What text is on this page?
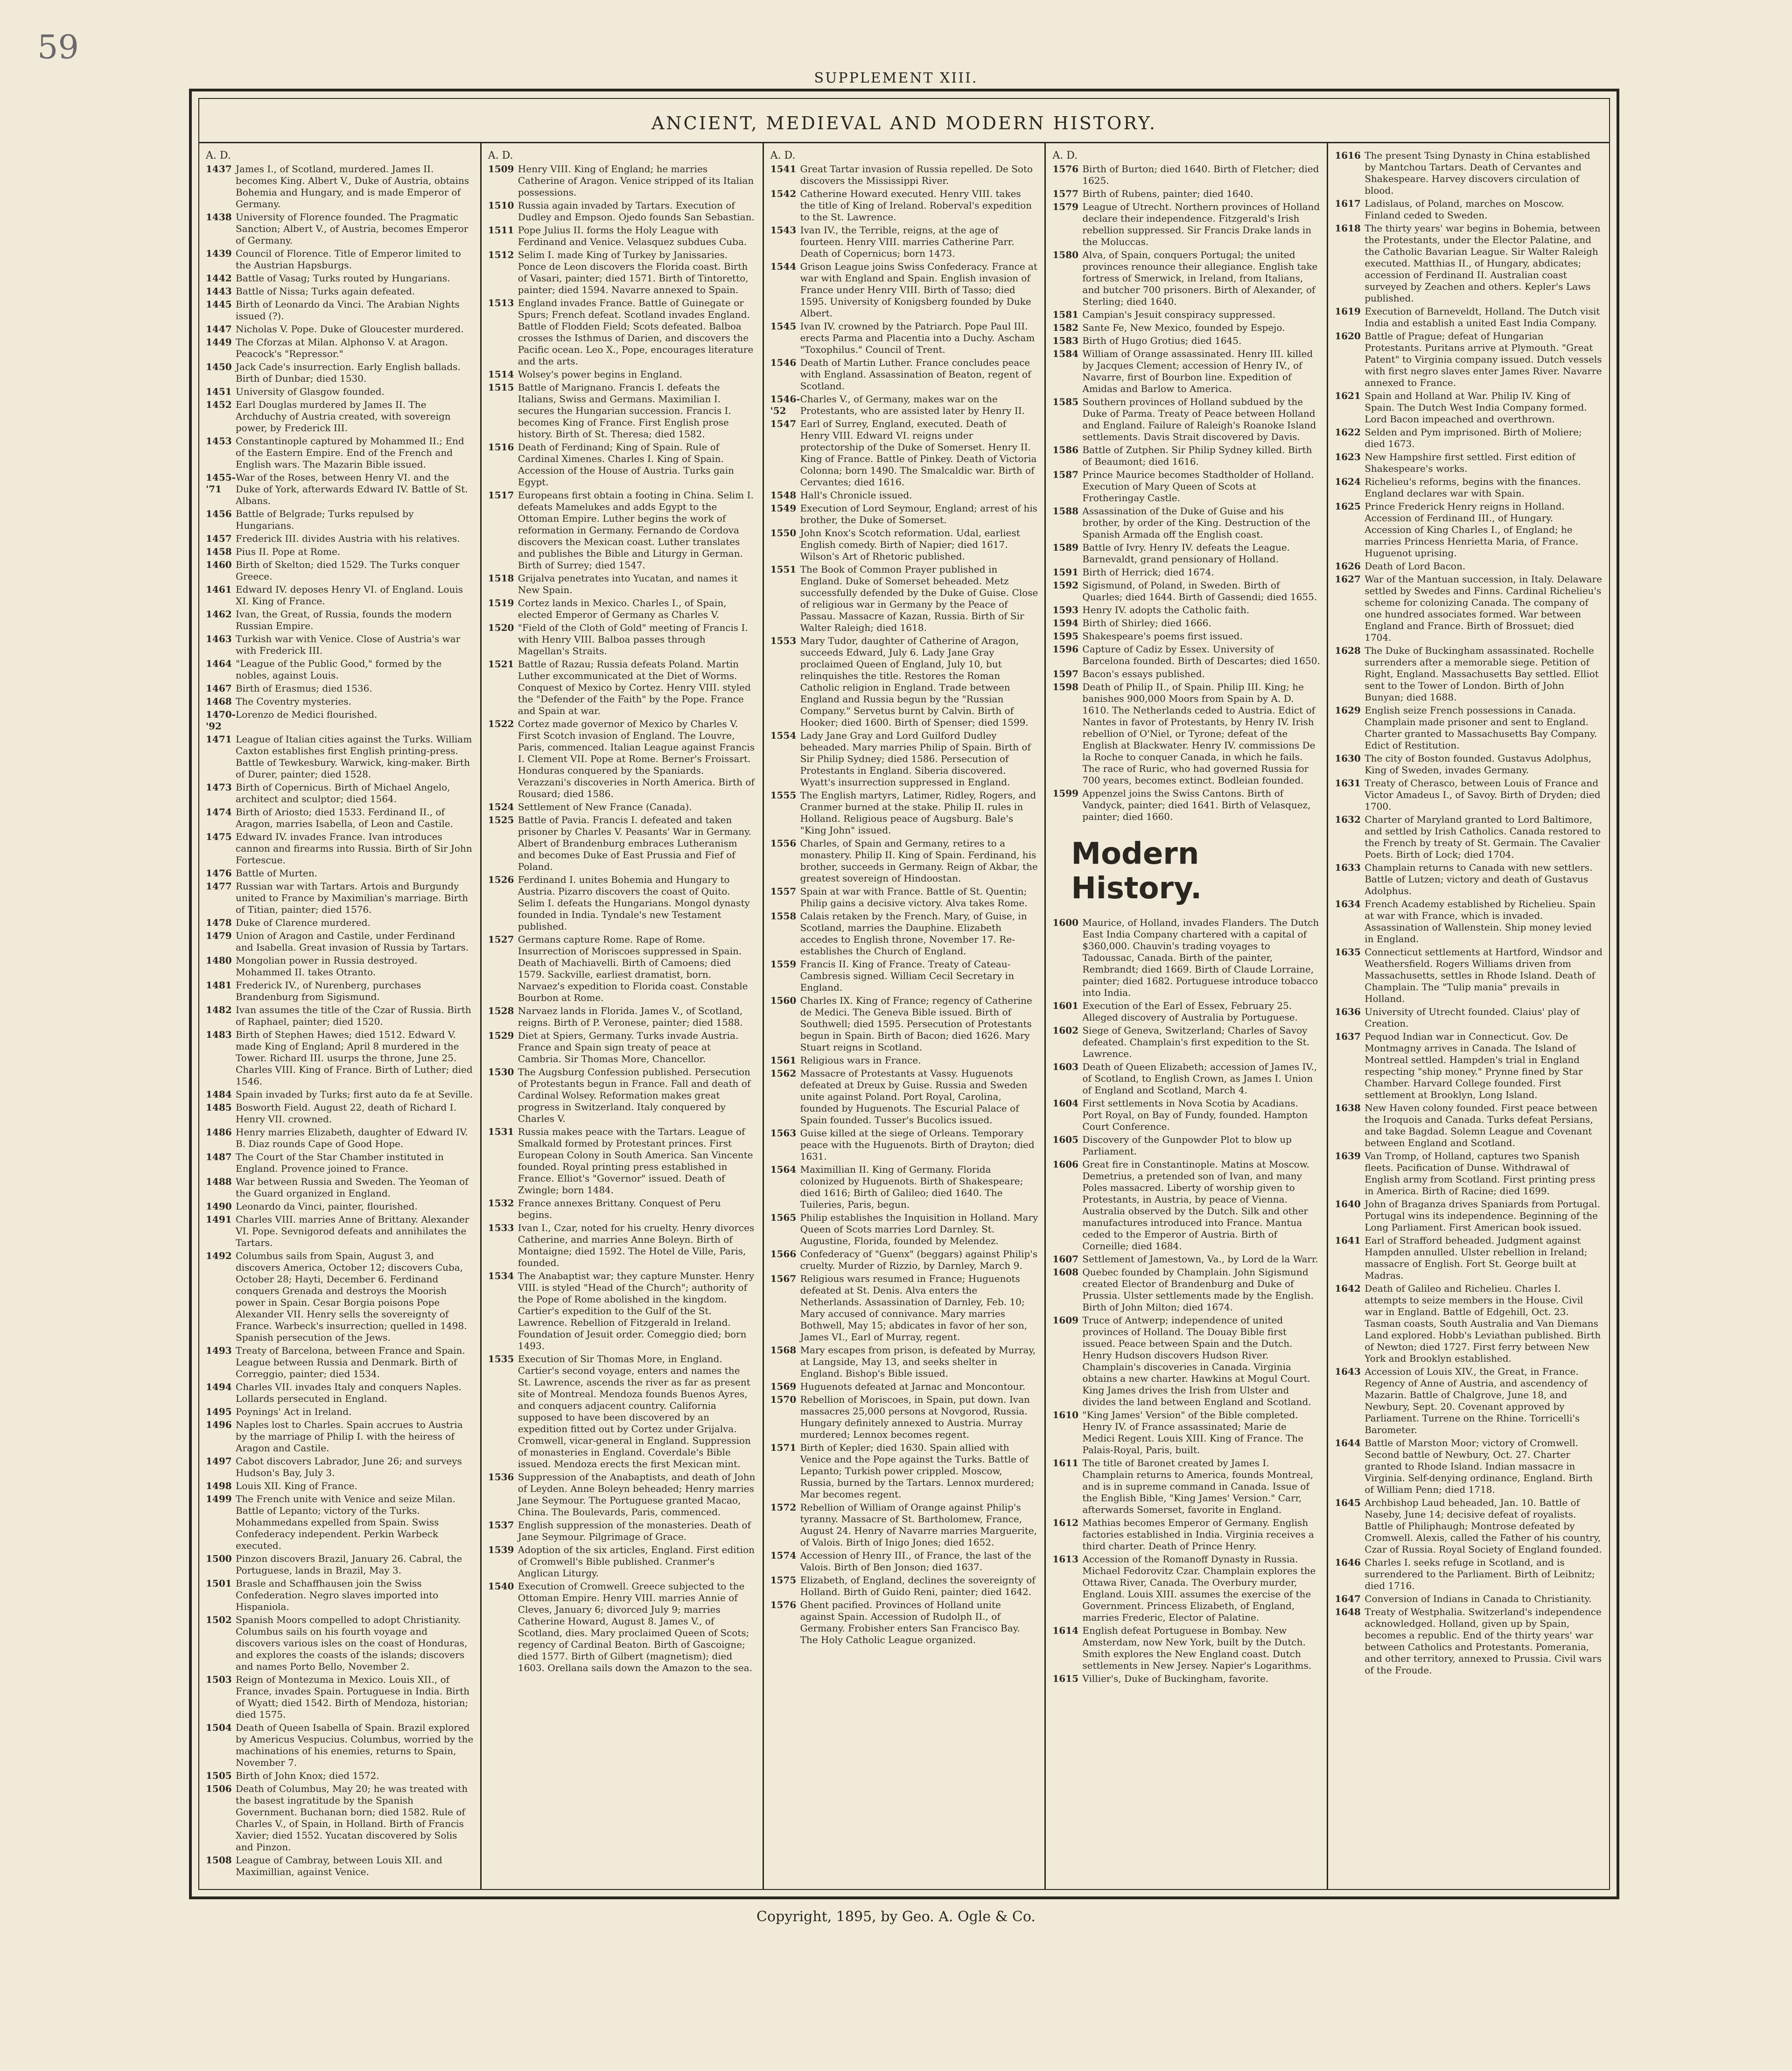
59
SUPPLEMENT XIII.
ANCIENT, MEDIEVAL AND MODERN HISTORY.
A. D.
1437 James I., of Scotland, murdered. James II. becomes King. Albert V., Duke of Austria, obtains Bohemia and Hungary, and is made Emperor of Germany.
1438 University of Florence founded. The Pragmatic Sanction; Albert V., of Austria, becomes Emperor of Germany.
1439 Council of Florence. Title of Emperor limited to the Austrian Hapsburgs.
1442 Battle of Vasag; Turks routed by Hungarians.
1443 Battle of Nissa; Turks again defeated.
1445 Birth of Leonardo da Vinci. The Arabian Nights issued (?).
1447 Nicholas V. Pope. Duke of Gloucester murdered.
1449 The Cforzas at Milan. Alphonso V. at Aragon. Peacock's "Repressor."
1450 Jack Cade's insurrection. Early English ballads. Birth of Dunbar; died 1530.
1451 University of Glasgow founded.
1452 Earl Douglas murdered by James II. The Archduchy of Austria created, with sovereign power, by Frederick III.
1453 Constantinople captured by Mohammed II.; End of the Eastern Empire. End of the French and English wars. The Mazarin Bible issued.
1455-'71
War of the Roses, between Henry VI. and the Duke of York, afterwards Edward IV. Battle of St. Albans.
1456 Battle of Belgrade; Turks repulsed by Hungarians.
1457 Frederick III. divides Austria with his relatives.
1458 Pius II. Pope at Rome.
1460 Birth of Skelton; died 1529. The Turks conquer Greece.
1461 Edward IV. deposes Henry VI. of England. Louis XI. King of France.
1462 Ivan, the Great, of Russia, founds the modern Russian Empire.
1463 Turkish war with Venice. Close of Austria's war with Frederick III.
1464 "League of the Public Good," formed by the nobles, against Louis.
1467 Birth of Erasmus; died 1536.
1468 The Coventry mysteries.
1470-'92
Lorenzo de Medici flourished.
1471 League of Italian cities against the Turks. William Caxton establishes first English printing-press. Battle of Tewkesbury. Warwick, king-maker. Birth of Durer, painter; died 1528.
1473 Birth of Copernicus. Birth of Michael Angelo, architect and sculptor; died 1564.
1474 Birth of Ariosto; died 1533. Ferdinand II., of Aragon, marries Isabella, of Leon and Castile.
1475 Edward IV. invades France. Ivan introduces cannon and firearms into Russia. Birth of Sir John Fortescue.
1476 Battle of Murten.
1477 Russian war with Tartars. Artois and Burgundy united to France by Maximilian's marriage. Birth of Titian, painter; died 1576.
1478 Duke of Clarence murdered.
1479 Union of Aragon and Castile, under Ferdinand and Isabella. Great invasion of Russia by Tartars.
1480 Mongolian power in Russia destroyed. Mohammed II. takes Otranto.
1481 Frederick IV., of Nurenberg, purchases Brandenburg from Sigismund.
1482 Ivan assumes the title of the Czar of Russia. Birth of Raphael, painter; died 1520.
1483 Birth of Stephen Hawes; died 1512. Edward V. made King of England; April 8 murdered in the Tower. Richard III. usurps the throne, June 25. Charles VIII. King of France. Birth of Luther; died 1546.
1484 Spain invaded by Turks; first auto da fe at Seville.
1485 Bosworth Field. August 22, death of Richard I. Henry VII. crowned.
1486 Henry marries Elizabeth, daughter of Edward IV. B. Diaz rounds Cape of Good Hope.
1487 The Court of the Star Chamber instituted in England. Provence joined to France.
1488 War between Russia and Sweden. The Yeoman of the Guard organized in England.
1490 Leonardo da Vinci, painter, flourished.
1491 Charles VIII. marries Anne of Brittany. Alexander VI. Pope. Sevnigorod defeats and annihilates the Tartars.
1492 Columbus sails from Spain, August 3, and discovers America, October 12; discovers Cuba, October 28; Hayti, December 6. Ferdinand conquers Grenada and destroys the Moorish power in Spain. Cesar Borgia poisons Pope Alexander VII. Henry sells the sovereignty of France. Warbeck's insurrection; quelled in 1498. Spanish persecution of the Jews.
1493 Treaty of Barcelona, between France and Spain. League between Russia and Denmark. Birth of Correggio, painter; died 1534.
1494 Charles VII. invades Italy and conquers Naples. Lollards persecuted in England.
1495 Poynings' Act in Ireland.
1496 Naples lost to Charles. Spain accrues to Austria by the marriage of Philip I. with the heiress of Aragon and Castile.
1497 Cabot discovers Labrador, June 26; and surveys Hudson's Bay, July 3.
1498 Louis XII. King of France.
1499 The French unite with Venice and seize Milan. Battle of Lepanto; victory of the Turks. Mohammedans expelled from Spain. Swiss Confederacy independent. Perkin Warbeck executed.
1500 Pinzon discovers Brazil, January 26. Cabral, the Portuguese, lands in Brazil, May 3.
1501 Brasle and Schaffhausen join the Swiss Confederation. Negro slaves imported into Hispaniola.
1502 Spanish Moors compelled to adopt Christianity. Columbus sails on his fourth voyage and discovers various isles on the coast of Honduras, and explores the coasts of the islands; discovers and names Porto Bello, November 2.
1503 Reign of Montezuma in Mexico. Louis XII., of France, invades Spain. Portuguese in India. Birth of Wyatt; died 1542. Birth of Mendoza, historian; died 1575.
1504 Death of Queen Isabella of Spain. Brazil explored by Americus Vespucius. Columbus, worried by the machinations of his enemies, returns to Spain, November 7.
1505 Birth of John Knox; died 1572.
1506 Death of Columbus, May 20; he was treated with the basest ingratitude by the Spanish Government. Buchanan born; died 1582. Rule of Charles V., of Spain, in Holland. Birth of Francis Xavier; died 1552. Yucatan discovered by Solis and Pinzon.
1508 League of Cambray, between Louis XII. and Maximillian, against Venice.
A. D.
1509 Henry VIII. King of England; he marries Catherine of Aragon. Venice stripped of its Italian possessions.
1510 Russia again invaded by Tartars. Execution of Dudley and Empson. Ojedo founds San Sebastian.
1511 Pope Julius II. forms the Holy League with Ferdinand and Venice. Velasquez subdues Cuba.
1512 Selim I. made King of Turkey by Janissaries. Ponce de Leon discovers the Florida coast. Birth of Vasari, painter; died 1571. Birth of Tintoretto, painter; died 1594. Navarre annexed to Spain.
1513 England invades France. Battle of Guinegate or Spurs; French defeat. Scotland invades England. Battle of Flodden Field; Scots defeated. Balboa crosses the Isthmus of Darien, and discovers the Pacific ocean. Leo X., Pope, encourages literature and the arts.
1514 Wolsey's power begins in England.
1515 Battle of Marignano. Francis I. defeats the Italians, Swiss and Germans. Maximilian I. secures the Hungarian succession. Francis I. becomes King of France. First English prose history. Birth of St. Theresa; died 1582.
1516 Death of Ferdinand; King of Spain. Rule of Cardinal Ximenes. Charles I. King of Spain. Accession of the House of Austria. Turks gain Egypt.
1517 Europeans first obtain a footing in China. Selim I. defeats Mamelukes and adds Egypt to the Ottoman Empire. Luther begins the work of reformation in Germany. Fernando de Cordova discovers the Mexican coast. Luther translates and publishes the Bible and Liturgy in German. Birth of Surrey; died 1547.
1518 Grijalva penetrates into Yucatan, and names it New Spain.
1519 Cortez lands in Mexico. Charles I., of Spain, elected Emperor of Germany as Charles V.
1520 "Field of the Cloth of Gold" meeting of Francis I. with Henry VIII. Balboa passes through Magellan's Straits.
1521 Battle of Razau; Russia defeats Poland. Martin Luther excommunicated at the Diet of Worms. Conquest of Mexico by Cortez. Henry VIII. styled the "Defender of the Faith" by the Pope. France and Spain at war.
1522 Cortez made governor of Mexico by Charles V. First Scotch invasion of England. The Louvre, Paris, commenced. Italian League against Francis I. Clement VII. Pope at Rome. Berner's Froissart. Honduras conquered by the Spaniards. Verazzani's discoveries in North America. Birth of Rousard; died 1586.
1524 Settlement of New France (Canada).
1525 Battle of Pavia. Francis I. defeated and taken prisoner by Charles V. Peasants' War in Germany. Albert of Brandenburg embraces Lutheranism and becomes Duke of East Prussia and Fief of Poland.
1526 Ferdinand I. unites Bohemia and Hungary to Austria. Pizarro discovers the coast of Quito. Selim I. defeats the Hungarians. Mongol dynasty founded in India. Tyndale's new Testament published.
1527 Germans capture Rome. Rape of Rome. Insurrection of Moriscoes suppressed in Spain. Death of Machiavelli. Birth of Camoens; died 1579. Sackville, earliest dramatist, born. Narvaez's expedition to Florida coast. Constable Bourbon at Rome.
1528 Narvaez lands in Florida. James V., of Scotland, reigns. Birth of P. Veronese, painter; died 1588.
1529 Diet at Spiers, Germany. Turks invade Austria. France and Spain sign treaty of peace at Cambria. Sir Thomas More, Chancellor.
1530 The Augsburg Confession published. Persecution of Protestants begun in France. Fall and death of Cardinal Wolsey. Reformation makes great progress in Switzerland. Italy conquered by Charles V.
1531 Russia makes peace with the Tartars. League of Smalkald formed by Protestant princes. First European Colony in South America. San Vincente founded. Royal printing press established in France. Elliot's "Governor" issued. Death of Zwingle; born 1484.
1532 France annexes Brittany. Conquest of Peru begins.
1533 Ivan I., Czar, noted for his cruelty. Henry divorces Catherine, and marries Anne Boleyn. Birth of Montaigne; died 1592. The Hotel de Ville, Paris, founded.
1534 The Anabaptist war; they capture Munster. Henry VIII. is styled "Head of the Church"; authority of the Pope of Rome abolished in the kingdom. Cartier's expedition to the Gulf of the St. Lawrence. Rebellion of Fitzgerald in Ireland. Foundation of Jesuit order. Comeggio died; born 1493.
1535 Execution of Sir Thomas More, in England. Cartier's second voyage, enters and names the St. Lawrence, ascends the river as far as present site of Montreal. Mendoza founds Buenos Ayres, and conquers adjacent country. California supposed to have been discovered by an expedition fitted out by Cortez under Grijalva. Cromwell, vicar-general in England. Suppression of monasteries in England. Coverdale's Bible issued. Mendoza erects the first Mexican mint.
1536 Suppression of the Anabaptists, and death of John of Leyden. Anne Boleyn beheaded; Henry marries Jane Seymour. The Portuguese granted Macao, China. The Boulevards, Paris, commenced.
1537 English suppression of the monasteries. Death of Jane Seymour. Pilgrimage of Grace.
1539 Adoption of the six articles, England. First edition of Cromwell's Bible published. Cranmer's Anglican Liturgy.
1540 Execution of Cromwell. Greece subjected to the Ottoman Empire. Henry VIII. marries Annie of Cleves, January 6; divorced July 9; marries Catherine Howard, August 8. James V., of Scotland, dies. Mary proclaimed Queen of Scots; regency of Cardinal Beaton. Birth of Gascoigne; died 1577. Birth of Gilbert (magnetism); died 1603. Orellana sails down the Amazon to the sea.
A. D.
1541 Great Tartar invasion of Russia repelled. De Soto discovers the Mississippi River.
1542 Catherine Howard executed. Henry VIII. takes the title of King of Ireland. Roberval's expedition to the St. Lawrence.
1543 Ivan IV., the Terrible, reigns, at the age of fourteen. Henry VIII. marries Catherine Parr. Death of Copernicus; born 1473.
1544 Grison League joins Swiss Confederacy. France at war with England and Spain. English invasion of France under Henry VIII. Birth of Tasso; died 1595. University of Konigsberg founded by Duke Albert.
1545 Ivan IV. crowned by the Patriarch. Pope Paul III. erects Parma and Placentia into a Duchy. Ascham "Toxophilus." Council of Trent.
1546 Death of Martin Luther. France concludes peace with England. Assassination of Beaton, regent of Scotland.
1546-'52
Charles V., of Germany, makes war on the Protestants, who are assisted later by Henry II.
1547 Earl of Surrey, England, executed. Death of Henry VIII. Edward VI. reigns under protectorship of the Duke of Somerset. Henry II. King of France. Battle of Pinkey. Death of Victoria Colonna; born 1490. The Smalcaldic war. Birth of Cervantes; died 1616.
1548 Hall's Chronicle issued.
1549 Execution of Lord Seymour, England; arrest of his brother, the Duke of Somerset.
1550 John Knox's Scotch reformation. Udal, earliest English comedy. Birth of Napier; died 1617. Wilson's Art of Rhetoric published.
1551 The Book of Common Prayer published in England. Duke of Somerset beheaded. Metz successfully defended by the Duke of Guise. Close of religious war in Germany by the Peace of Passau. Massacre of Kazan, Russia. Birth of Sir Walter Raleigh; died 1618.
1553 Mary Tudor, daughter of Catherine of Aragon, succeeds Edward, July 6. Lady Jane Gray proclaimed Queen of England, July 10, but relinquishes the title. Restores the Roman Catholic religion in England. Trade between England and Russia begun by the "Russian Company." Servetus burnt by Calvin. Birth of Hooker; died 1600. Birth of Spenser; died 1599.
1554 Lady Jane Gray and Lord Guilford Dudley beheaded. Mary marries Philip of Spain. Birth of Sir Philip Sydney; died 1586. Persecution of Protestants in England. Siberia discovered. Wyatt's insurrection suppressed in England.
1555 The English martyrs, Latimer, Ridley, Rogers, and Cranmer burned at the stake. Philip II. rules in Holland. Religious peace of Augsburg. Bale's "King John" issued.
1556 Charles, of Spain and Germany, retires to a monastery. Philip II. King of Spain. Ferdinand, his brother, succeeds in Germany. Reign of Akbar, the greatest sovereign of Hindoostan.
1557 Spain at war with France. Battle of St. Quentin; Philip gains a decisive victory. Alva takes Rome.
1558 Calais retaken by the French. Mary, of Guise, in Scotland, marries the Dauphine. Elizabeth accedes to English throne, November 17. Re-establishes the Church of England.
1559 Francis II. King of France. Treaty of Cateau-Cambresis signed. William Cecil Secretary in England.
1560 Charles IX. King of France; regency of Catherine de Medici. The Geneva Bible issued. Birth of Southwell; died 1595. Persecution of Protestants begun in Spain. Birth of Bacon; died 1626. Mary Stuart reigns in Scotland.
1561 Religious wars in France.
1562 Massacre of Protestants at Vassy. Huguenots defeated at Dreux by Guise. Russia and Sweden unite against Poland. Port Royal, Carolina, founded by Huguenots. The Escurial Palace of Spain founded. Tusser's Bucolics issued.
1563 Guise killed at the siege of Orleans. Temporary peace with the Huguenots. Birth of Drayton; died 1631.
1564 Maximillian II. King of Germany. Florida colonized by Huguenots. Birth of Shakespeare; died 1616; Birth of Galileo; died 1640. The Tuileries, Paris, begun.
1565 Philip establishes the Inquisition in Holland. Mary Queen of Scots marries Lord Darnley. St. Augustine, Florida, founded by Melendez.
1566 Confederacy of "Guenx" (beggars) against Philip's cruelty. Murder of Rizzio, by Darnley, March 9.
1567 Religious wars resumed in France; Huguenots defeated at St. Denis. Alva enters the Netherlands. Assassination of Darnley, Feb. 10; Mary accused of connivance. Mary marries Bothwell, May 15; abdicates in favor of her son, James VI., Earl of Murray, regent.
1568 Mary escapes from prison, is defeated by Murray, at Langside, May 13, and seeks shelter in England. Bishop's Bible issued.
1569 Huguenots defeated at Jarnac and Moncontour.
1570 Rebellion of Moriscoes, in Spain, put down. Ivan massacres 25,000 persons at Novgorod, Russia. Hungary definitely annexed to Austria. Murray murdered; Lennox becomes regent.
1571 Birth of Kepler; died 1630. Spain allied with Venice and the Pope against the Turks. Battle of Lepanto; Turkish power crippled. Moscow, Russia, burned by the Tartars. Lennox murdered; Mar becomes regent.
1572 Rebellion of William of Orange against Philip's tyranny. Massacre of St. Bartholomew, France, August 24. Henry of Navarre marries Marguerite, of Valois. Birth of Inigo Jones; died 1652.
1574 Accession of Henry III., of France, the last of the Valois. Birth of Ben Jonson; died 1637.
1575 Elizabeth, of England, declines the sovereignty of Holland. Birth of Guido Reni, painter; died 1642.
1576 Ghent pacified. Provinces of Holland unite against Spain. Accession of Rudolph II., of Germany. Frobisher enters San Francisco Bay. The Holy Catholic League organized.
A. D.
1576 Birth of Burton; died 1640. Birth of Fletcher; died 1625.
1577 Birth of Rubens, painter; died 1640.
1579 League of Utrecht. Northern provinces of Holland declare their independence. Fitzgerald's Irish rebellion suppressed. Sir Francis Drake lands in the Moluccas.
1580 Alva, of Spain, conquers Portugal; the united provinces renounce their allegiance. English take fortress of Smerwick, in Ireland, from Italians, and butcher 700 prisoners. Birth of Alexander, of Sterling; died 1640.
1581 Campian's Jesuit conspiracy suppressed.
1582 Sante Fe, New Mexico, founded by Espejo.
1583 Birth of Hugo Grotius; died 1645.
1584 William of Orange assassinated. Henry III. killed by Jacques Clement; accession of Henry IV., of Navarre, first of Bourbon line. Expedition of Amidas and Barlow to America.
1585 Southern provinces of Holland subdued by the Duke of Parma. Treaty of Peace between Holland and England. Failure of Raleigh's Roanoke Island settlements. Davis Strait discovered by Davis.
1586 Battle of Zutphen. Sir Philip Sydney killed. Birth of Beaumont; died 1616.
1587 Prince Maurice becomes Stadtholder of Holland. Execution of Mary Queen of Scots at Frotheringay Castle.
1588 Assassination of the Duke of Guise and his brother, by order of the King. Destruction of the Spanish Armada off the English coast.
1589 Battle of Ivry. Henry IV. defeats the League. Barnevaldt, grand pensionary of Holland.
1591 Birth of Herrick; died 1674.
1592 Sigismund, of Poland, in Sweden. Birth of Quarles; died 1644. Birth of Gassendi; died 1655.
1593 Henry IV. adopts the Catholic faith.
1594 Birth of Shirley; died 1666.
1595 Shakespeare's poems first issued.
1596 Capture of Cadiz by Essex. University of Barcelona founded. Birth of Descartes; died 1650.
1597 Bacon's essays published.
1598 Death of Philip II., of Spain. Philip III. King; he banishes 900,000 Moors from Spain by A. D. 1610. The Netherlands ceded to Austria. Edict of Nantes in favor of Protestants, by Henry IV. Irish rebellion of O'Niel, or Tyrone; defeat of the English at Blackwater. Henry IV. commissions De la Roche to conquer Canada, in which he fails. The race of Ruric, who had governed Russia for 700 years, becomes extinct. Bodleian founded.
1599 Appenzel joins the Swiss Cantons. Birth of Vandyck, painter; died 1641. Birth of Velasquez, painter; died 1660.
Modern History.
1600 Maurice, of Holland, invades Flanders. The Dutch East India Company chartered with a capital of $360,000. Chauvin's trading voyages to Tadoussac, Canada. Birth of the painter, Rembrandt; died 1669. Birth of Claude Lorraine, painter; died 1682. Portuguese introduce tobacco into India.
1601 Execution of the Earl of Essex, February 25. Alleged discovery of Australia by Portuguese.
1602 Siege of Geneva, Switzerland; Charles of Savoy defeated. Champlain's first expedition to the St. Lawrence.
1603 Death of Queen Elizabeth; accession of James IV., of Scotland, to English Crown, as James I. Union of England and Scotland, March 4.
1604 First settlements in Nova Scotia by Acadians. Port Royal, on Bay of Fundy, founded. Hampton Court Conference.
1605 Discovery of the Gunpowder Plot to blow up Parliament.
1606 Great fire in Constantinople. Matins at Moscow. Demetrius, a pretended son of Ivan, and many Poles massacred. Liberty of worship given to Protestants, in Austria, by peace of Vienna. Australia observed by the Dutch. Silk and other manufactures introduced into France. Mantua ceded to the Emperor of Austria. Birth of Corneille; died 1684.
1607 Settlement of Jamestown, Va., by Lord de la Warr.
1608 Quebec founded by Champlain. John Sigismund created Elector of Brandenburg and Duke of Prussia. Ulster settlements made by the English. Birth of John Milton; died 1674.
1609 Truce of Antwerp; independence of united provinces of Holland. The Douay Bible first issued. Peace between Spain and the Dutch. Henry Hudson discovers Hudson River. Champlain's discoveries in Canada. Virginia obtains a new charter. Hawkins at Mogul Court. King James drives the Irish from Ulster and divides the land between England and Scotland.
1610 "King James' Version" of the Bible completed. Henry IV. of France assassinated; Marie de Medici Regent. Louis XIII. King of France. The Palais-Royal, Paris, built.
1611 The title of Baronet created by James I. Champlain returns to America, founds Montreal, and is in supreme command in Canada. Issue of the English Bible, "King James' Version." Carr, afterwards Somerset, favorite in England.
1612 Mathias becomes Emperor of Germany. English factories established in India. Virginia receives a third charter. Death of Prince Henry.
1613 Accession of the Romanoff Dynasty in Russia. Michael Fedorovitz Czar. Champlain explores the Ottawa River, Canada. The Overbury murder, England. Louis XIII. assumes the exercise of the Government. Princess Elizabeth, of England, marries Frederic, Elector of Palatine.
1614 English defeat Portuguese in Bombay. New Amsterdam, now New York, built by the Dutch. Smith explores the New England coast. Dutch settlements in New Jersey. Napier's Logarithms.
1615 Villier's, Duke of Buckingham, favorite.
1616 The present Tsing Dynasty in China established by Mantchou Tartars. Death of Cervantes and Shakespeare. Harvey discovers circulation of blood.
1617 Ladislaus, of Poland, marches on Moscow. Finland ceded to Sweden.
1618 The thirty years' war begins in Bohemia, between the Protestants, under the Elector Palatine, and the Catholic Bavarian League. Sir Walter Raleigh executed. Matthias II., of Hungary, abdicates; accession of Ferdinand II. Australian coast surveyed by Zeachen and others. Kepler's Laws published.
1619 Execution of Barneveldt, Holland. The Dutch visit India and establish a united East India Company.
1620 Battle of Prague; defeat of Hungarian Protestants. Puritans arrive at Plymouth. "Great Patent" to Virginia company issued. Dutch vessels with first negro slaves enter James River. Navarre annexed to France.
1621 Spain and Holland at War. Philip IV. King of Spain. The Dutch West India Company formed. Lord Bacon impeached and overthrown.
1622 Selden and Pym imprisoned. Birth of Moliere; died 1673.
1623 New Hampshire first settled. First edition of Shakespeare's works.
1624 Richelieu's reforms, begins with the finances. England declares war with Spain.
1625 Prince Frederick Henry reigns in Holland. Accession of Ferdinand III., of Hungary. Accession of King Charles I., of England; he marries Princess Henrietta Maria, of France. Huguenot uprising.
1626 Death of Lord Bacon.
1627 War of the Mantuan succession, in Italy. Delaware settled by Swedes and Finns. Cardinal Richelieu's scheme for colonizing Canada. The company of one hundred associates formed. War between England and France. Birth of Brossuet; died 1704.
1628 The Duke of Buckingham assassinated. Rochelle surrenders after a memorable siege. Petition of Right, England. Massachusetts Bay settled. Elliot sent to the Tower of London. Birth of John Bunyan; died 1688.
1629 English seize French possessions in Canada. Champlain made prisoner and sent to England. Charter granted to Massachusetts Bay Company. Edict of Restitution.
1630 The city of Boston founded. Gustavus Adolphus, King of Sweden, invades Germany.
1631 Treaty of Cherasco, between Louis of France and Victor Amadeus I., of Savoy. Birth of Dryden; died 1700.
1632 Charter of Maryland granted to Lord Baltimore, and settled by Irish Catholics. Canada restored to the French by treaty of St. Germain. The Cavalier Poets. Birth of Lock; died 1704.
1633 Champlain returns to Canada with new settlers. Battle of Lutzen; victory and death of Gustavus Adolphus.
1634 French Academy established by Richelieu. Spain at war with France, which is invaded. Assassination of Wallenstein. Ship money levied in England.
1635 Connecticut settlements at Hartford, Windsor and Weathersfield. Rogers Williams driven from Massachusetts, settles in Rhode Island. Death of Champlain. The "Tulip mania" prevails in Holland.
1636 University of Utrecht founded. Claius' play of Creation.
1637 Pequod Indian war in Connecticut. Gov. De Montmagny arrives in Canada. The Island of Montreal settled. Hampden's trial in England respecting "ship money." Prynne fined by Star Chamber. Harvard College founded. First settlement at Brooklyn, Long Island.
1638 New Haven colony founded. First peace between the Iroquois and Canada. Turks defeat Persians, and take Bagdad. Solemn League and Covenant between England and Scotland.
1639 Van Tromp, of Holland, captures two Spanish fleets. Pacification of Dunse. Withdrawal of English army from Scotland. First printing press in America. Birth of Racine; died 1699.
1640 John of Braganza drives Spaniards from Portugal. Portugal wins its independence. Beginning of the Long Parliament. First American book issued.
1641 Earl of Strafford beheaded. Judgment against Hampden annulled. Ulster rebellion in Ireland; massacre of English. Fort St. George built at Madras.
1642 Death of Galileo and Richelieu. Charles I. attempts to seize members in the House. Civil war in England. Battle of Edgehill, Oct. 23. Tasman coasts, South Australia and Van Diemans Land explored. Hobb's Leviathan published. Birth of Newton; died 1727. First ferry between New York and Brooklyn established.
1643 Accession of Louis XIV., the Great, in France. Regency of Anne of Austria, and ascendency of Mazarin. Battle of Chalgrove, June 18, and Newbury, Sept. 20. Covenant approved by Parliament. Turrene on the Rhine. Torricelli's Barometer.
1644 Battle of Marston Moor; victory of Cromwell. Second battle of Newbury, Oct. 27. Charter granted to Rhode Island. Indian massacre in Virginia. Self-denying ordinance, England. Birth of William Penn; died 1718.
1645 Archbishop Laud beheaded, Jan. 10. Battle of Naseby, June 14; decisive defeat of royalists. Battle of Philiphaugh; Montrose defeated by Cromwell. Alexis, called the Father of his country, Czar of Russia. Royal Society of England founded.
1646 Charles I. seeks refuge in Scotland, and is surrendered to the Parliament. Birth of Leibnitz; died 1716.
1647 Conversion of Indians in Canada to Christianity.
1648 Treaty of Westphalia. Switzerland's independence acknowledged. Holland, given up by Spain, becomes a republic. End of the thirty years' war between Catholics and Protestants. Pomerania, and other territory, annexed to Prussia. Civil wars of the Froude.
Copyright, 1895, by Geo. A. Ogle & Co.
